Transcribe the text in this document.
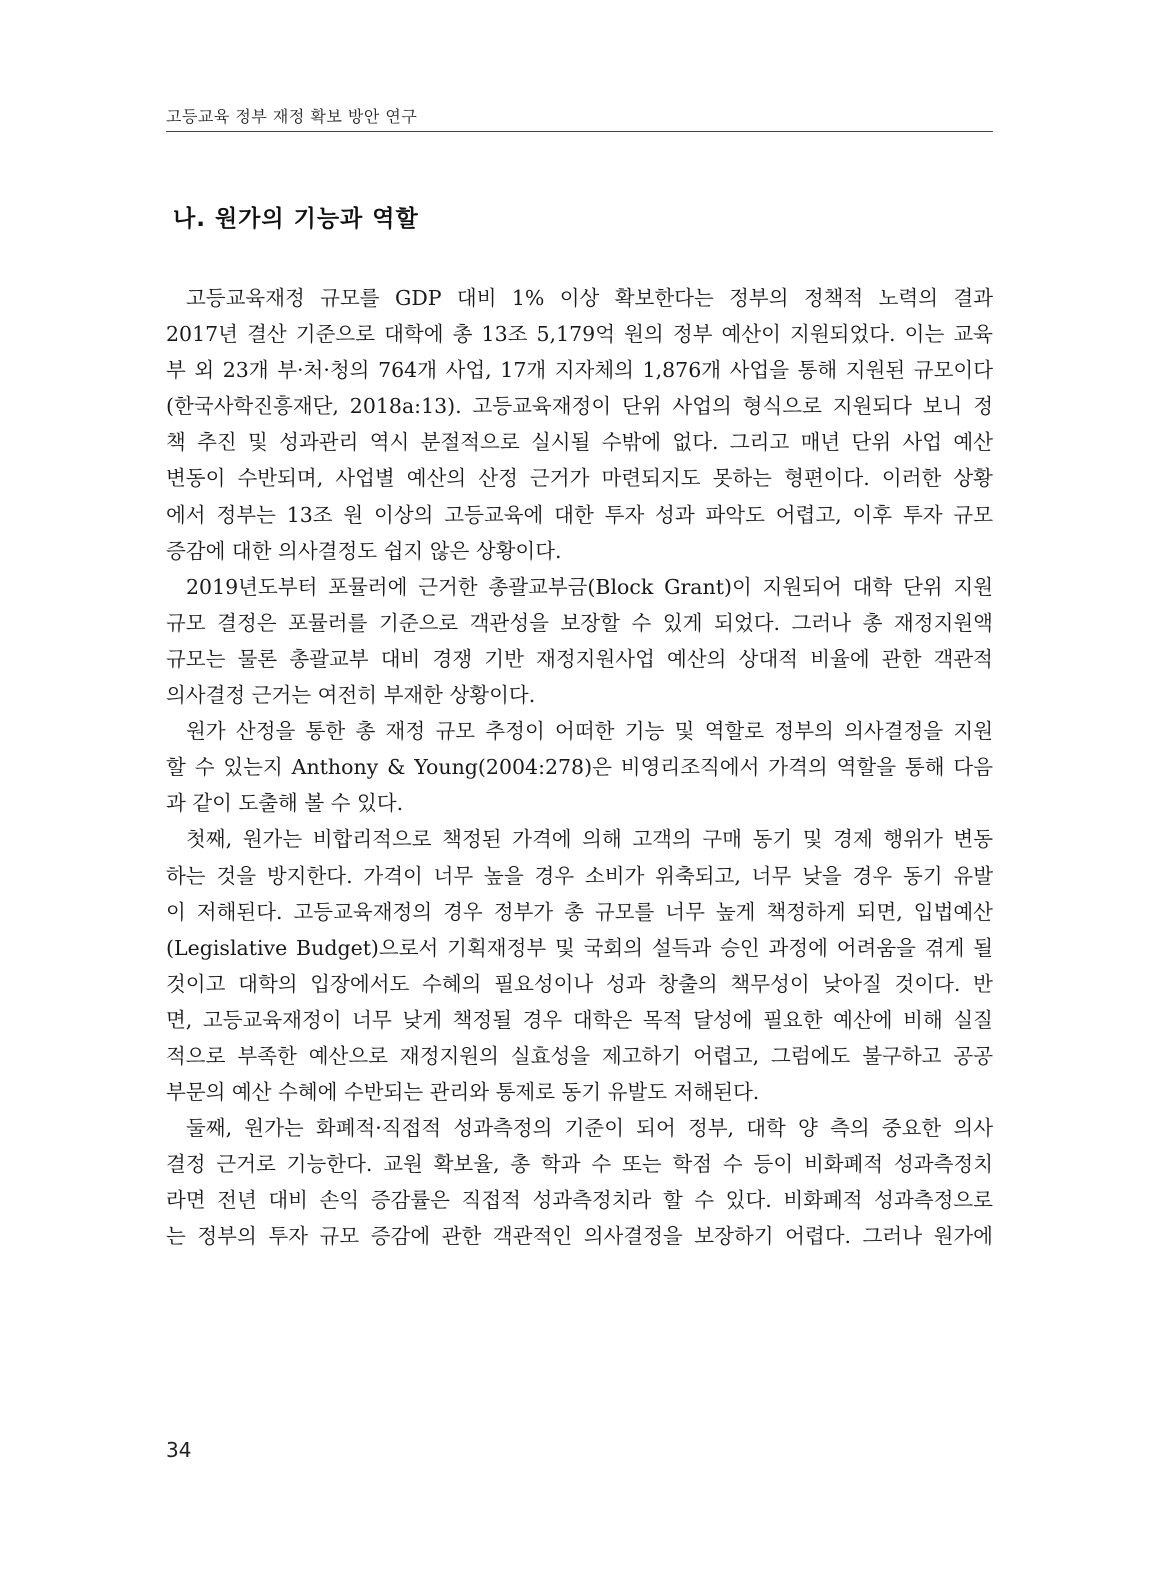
고등교육 정부 재정 확보 방안 연구
나. 원가의 기능과 역할
고등교육재정 규모를 GDP 대비 1% 이상 확보한다는 정부의 정책적 노력의 결과
2017년 결산 기준으로 대학에 총 13조 5,179억 원의 정부 예산이 지원되었다. 이는 교육
부 외 23개 부·처·청의 764개 사업, 17개 지자체의 1,876개 사업을 통해 지원된 규모이다
(한국사학진흥재단, 2018a:13). 고등교육재정이 단위 사업의 형식으로 지원되다 보니 정
책 추진 및 성과관리 역시 분절적으로 실시될 수밖에 없다. 그리고 매년 단위 사업 예산
변동이 수반되며, 사업별 예산의 산정 근거가 마련되지도 못하는 형편이다. 이러한 상황
에서 정부는 13조 원 이상의 고등교육에 대한 투자 성과 파악도 어렵고, 이후 투자 규모
증감에 대한 의사결정도 쉽지 않은 상황이다.
2019년도부터 포뮬러에 근거한 총괄교부금(Block Grant)이 지원되어 대학 단위 지원
규모 결정은 포뮬러를 기준으로 객관성을 보장할 수 있게 되었다. 그러나 총 재정지원액
규모는 물론 총괄교부 대비 경쟁 기반 재정지원사업 예산의 상대적 비율에 관한 객관적
의사결정 근거는 여전히 부재한 상황이다.
원가 산정을 통한 총 재정 규모 추정이 어떠한 기능 및 역할로 정부의 의사결정을 지원
할 수 있는지 Anthony & Young(2004:278)은 비영리조직에서 가격의 역할을 통해 다음
과 같이 도출해 볼 수 있다.
첫째, 원가는 비합리적으로 책정된 가격에 의해 고객의 구매 동기 및 경제 행위가 변동
하는 것을 방지한다. 가격이 너무 높을 경우 소비가 위축되고, 너무 낮을 경우 동기 유발
이 저해된다. 고등교육재정의 경우 정부가 총 규모를 너무 높게 책정하게 되면, 입법예산
(Legislative Budget)으로서 기획재정부 및 국회의 설득과 승인 과정에 어려움을 겪게 될
것이고 대학의 입장에서도 수혜의 필요성이나 성과 창출의 책무성이 낮아질 것이다. 반
면, 고등교육재정이 너무 낮게 책정될 경우 대학은 목적 달성에 필요한 예산에 비해 실질
적으로 부족한 예산으로 재정지원의 실효성을 제고하기 어렵고, 그럼에도 불구하고 공공
부문의 예산 수혜에 수반되는 관리와 통제로 동기 유발도 저해된다.
둘째, 원가는 화폐적·직접적 성과측정의 기준이 되어 정부, 대학 양 측의 중요한 의사
결정 근거로 기능한다. 교원 확보율, 총 학과 수 또는 학점 수 등이 비화폐적 성과측정치
라면 전년 대비 손익 증감률은 직접적 성과측정치라 할 수 있다. 비화폐적 성과측정으로
는 정부의 투자 규모 증감에 관한 객관적인 의사결정을 보장하기 어렵다. 그러나 원가에
34
